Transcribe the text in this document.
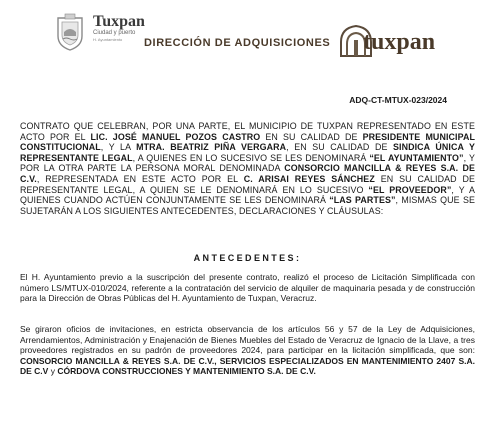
Tuxpan
Ciudad y puerto
H. Ayuntamiento	DIRECCIÓN DE ADQUISICIONES tuxpan
ADQ-CT-MTUX-023/2024

CONTRATO QUE CELEBRAN, POR UNA PARTE, EL MUNICIPIO DE TUXPAN REPRESENTADO EN ESTE ACTO POR EL LIC. JOSÉ MANUEL POZOS CASTRO EN SU CALIDAD DE PRESIDENTE MUNICIPAL CONSTITUCIONAL, Y LA MTRA. BEATRIZ PIÑA VERGARA, EN SU CALIDAD DE SINDICA ÚNICA Y REPRESENTANTE LEGAL, A QUIENES EN LO SUCESIVO SE LES DENOMINARÁ “EL AYUNTAMIENTO”, Y POR LA OTRA PARTE LA PERSONA MORAL DENOMINADA CONSORCIO MANCILLA & REYES S.A. DE C.V., REPRESENTADA EN ESTE ACTO POR EL C. ARISAI REYES SÁNCHEZ EN SU CALIDAD DE REPRESENTANTE LEGAL, A QUIEN SE LE DENOMINARÁ EN LO SUCESIVO “EL PROVEEDOR”, Y A QUIENES CUANDO ACTÚEN CONJUNTAMENTE SE LES DENOMINARÁ “LAS PARTES”, MISMAS QUE SE SUJETARÁN A LOS SIGUIENTES ANTECEDENTES, DECLARACIONES Y CLÁUSULAS:

ANTECEDENTES:

El H. Ayuntamiento previo a la suscripción del presente contrato, realizó el proceso de Licitación Simplificada con número LS/MTUX-010/2024, referente a la contratación del servicio de alquiler de maquinaria pesada y de construcción para la Dirección de Obras Públicas del H. Ayuntamiento de Tuxpan, Veracruz.

Se giraron oficios de invitaciones, en estricta observancia de los artículos 56 y 57 de la Ley de Adquisiciones, Arrendamientos, Administración y Enajenación de Bienes Muebles del Estado de Veracruz de Ignacio de la Llave, a tres proveedores registrados en su padrón de proveedores 2024, para participar en la licitación simplificada, que son: CONSORCIO MANCILLA & REYES S.A. DE C.V., SERVICIOS ESPECIALIZADOS EN MANTENIMIENTO 2407 S.A. DE C.V y CÓRDOVA CONSTRUCCIONES Y MANTENIMIENTO S.A. DE C.V.
